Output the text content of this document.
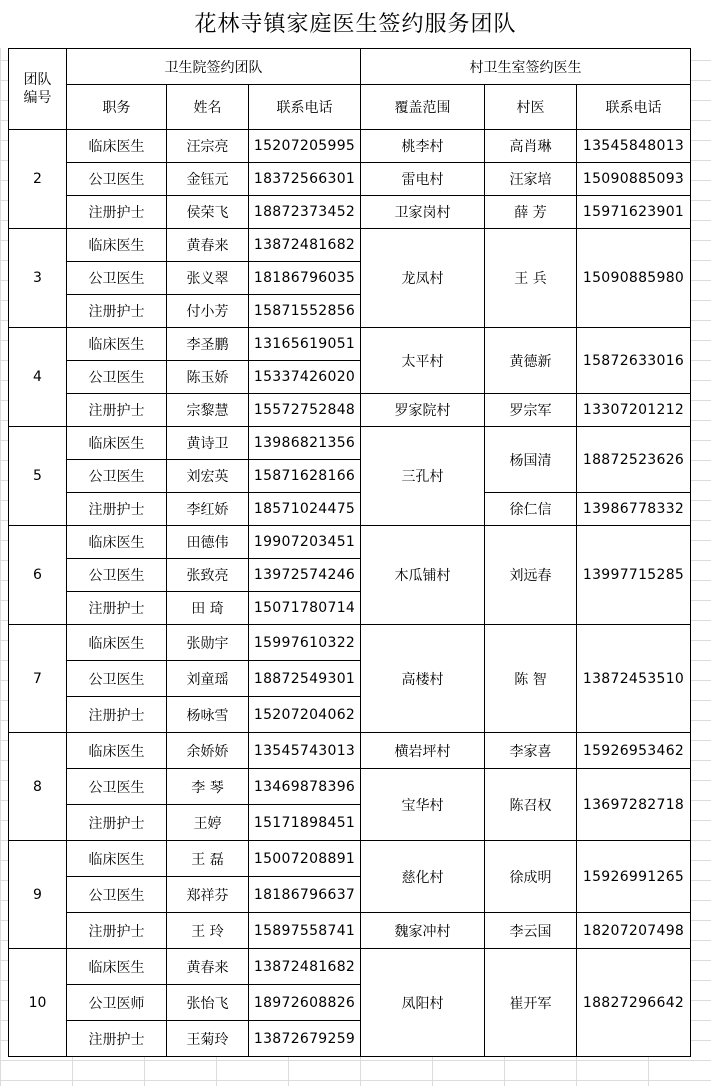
花林寺镇家庭医生签约服务团队
团队编号	卫生院签约团队			村卫生室签约医生		
	职务	姓名	联系电话	覆盖范围	村医	联系电话
2	临床医生	汪宗亮	15207205995	桃李村	高肖琳	13545848013
	公卫医生	金钰元	18372566301	雷电村	汪家培	15090885093
	注册护士	侯荣飞	18872373452	卫家岗村	薛 芳	15971623901
3	临床医生	黄春来	13872481682	龙凤村	王 兵	15090885980
	公卫医生	张义翠	18186796035			
	注册护士	付小芳	15871552856			
4	临床医生	李圣鹏	13165619051	太平村	黄德新	15872633016
	公卫医生	陈玉娇	15337426020			
	注册护士	宗黎慧	15572752848	罗家院村	罗宗军	13307201212
5	临床医生	黄诗卫	13986821356	三孔村	杨国清	18872523626
	公卫医生	刘宏英	15871628166			
	注册护士	李红娇	18571024475		徐仁信	13986778332
6	临床医生	田德伟	19907203451	木瓜铺村	刘远春	13997715285
	公卫医生	张致亮	13972574246			
	注册护士	田 琦	15071780714			
7	临床医生	张勋宇	15997610322	高楼村	陈 智	13872453510
	公卫医生	刘童瑶	18872549301			
	注册护士	杨咏雪	15207204062			
8	临床医生	余娇娇	13545743013	横岩坪村	李家喜	15926953462
	公卫医生	李 琴	13469878396	宝华村	陈召权	13697282718
	注册护士	王婷	15171898451			
9	临床医生	王 磊	15007208891	慈化村	徐成明	15926991265
	公卫医生	郑祥芬	18186796637			
	注册护士	王 玲	15897558741	魏家冲村	李云国	18207207498
10	临床医生	黄春来	13872481682	凤阳村	崔开军	18827296642
	公卫医师	张怡飞	18972608826			
	注册护士	王菊玲	13872679259			
